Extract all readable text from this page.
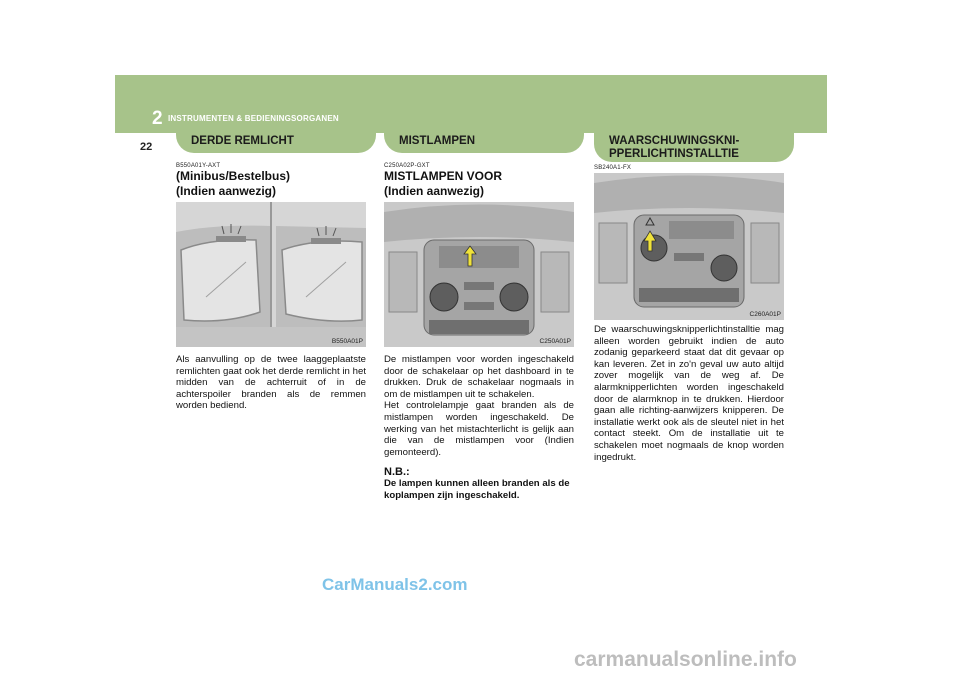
2 INSTRUMENTEN & BEDIENINGSORGANEN
22	DERDE REMLICHT	MISTLAMPEN	WAARSCHUWINGSKNI-
PPERLICHTINSTALLTIE
B550A01Y-AXT
(Minibus/Bestelbus)
(Indien aanwezig)
B550A01P
Als aanvulling op de twee laaggeplaatste remlichten gaat ook het derde remlicht in het midden van de achterruit of in de achterspoiler branden als de remmen worden bediend.
C250A02P-GXT
MISTLAMPEN VOOR
(Indien aanwezig)
C250A01P
De mistlampen voor worden ingeschakeld door de schakelaar op het dashboard in te drukken. Druk de schakelaar nogmaals in om de mistlampen uit te schakelen.
Het controlelampje gaat branden als de mistlampen worden ingeschakeld. De werking van het mistachterlicht is gelijk aan die van de mistlampen voor (Indien gemonteerd).
N.B.:
De lampen kunnen alleen branden als de koplampen zijn ingeschakeld.
SB240A1-FX
C260A01P
De waarschuwingsknipperlichtinstalltie mag alleen worden gebruikt indien de auto zodanig geparkeerd staat dat dit gevaar op kan leveren. Zet in zo'n geval uw auto altijd zover mogelijk van de weg af. De alarmknipperlichten worden ingeschakeld door de alarmknop in te drukken. Hierdoor gaan alle richting-aanwijzers knipperen. De installatie werkt ook als de sleutel niet in het contact steekt. Om de installatie uit te schakelen moet nogmaals de knop worden ingedrukt.
CarManuals2.com
carmanualsonline.info
